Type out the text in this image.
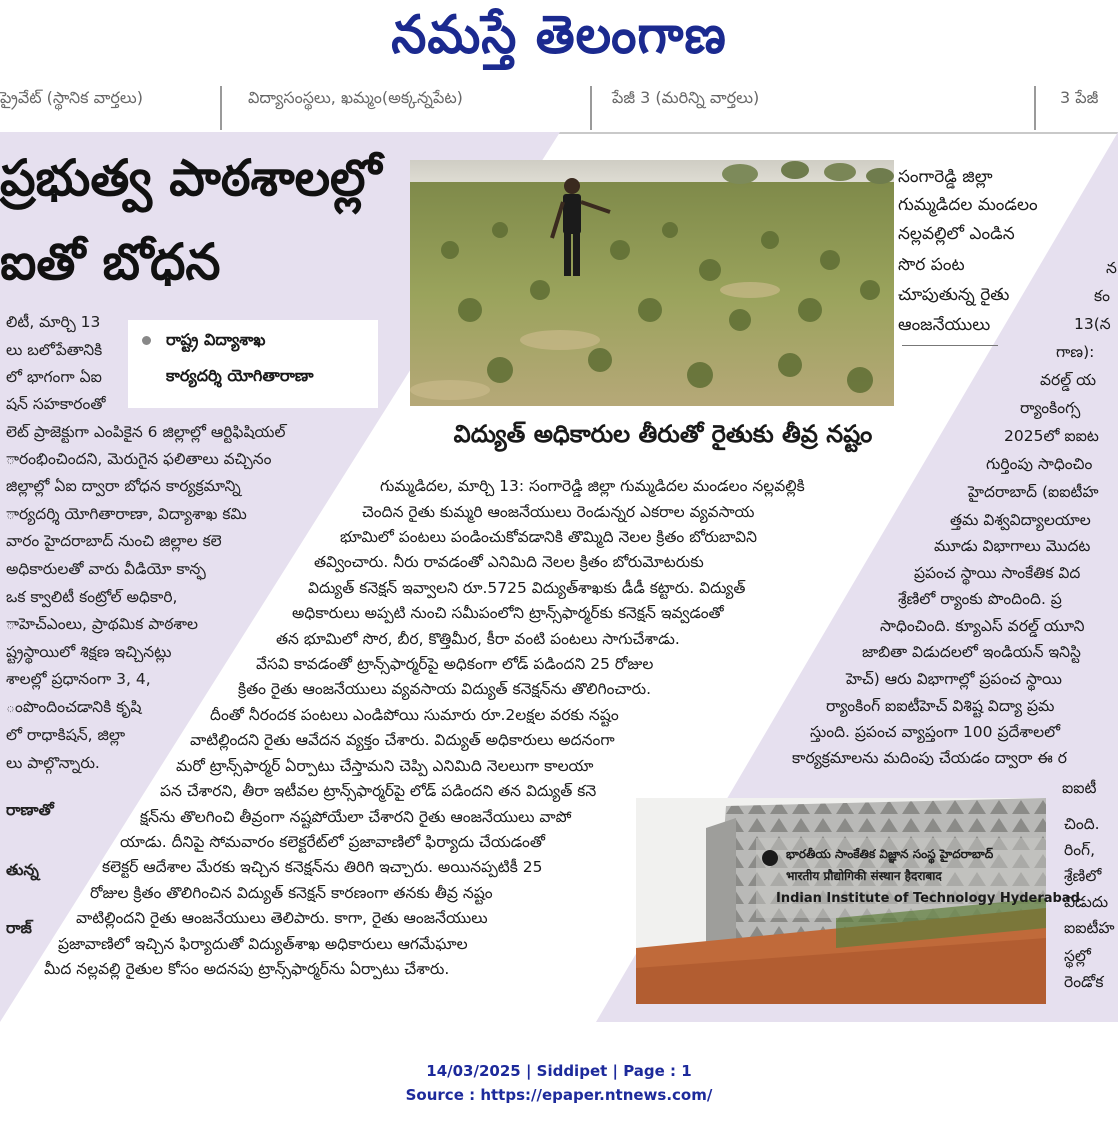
నమస్తే తెలంగాణ
ప్రైవేట్ (స్థానిక వార్తలు)	విద్యాసంస్థలు, ఖమ్మం(అక్కన్నపేట)	పేజీ 3 (మరిన్ని వార్తలు)	3 పేజీ
ప్రభుత్వ పాఠశాలల్లో
ఐతో బోధన
లిటీ, మార్చి 13
లు బలోపేతానికి
లో భాగంగా ఏఐ
షన్ సహకారంతో
లెట్ ప్రాజెక్టుగా ఎంపికైన 6 జిల్లాల్లో ఆర్టిఫిషియల్
ారంభించిందని, మెరుగైన ఫలితాలు వచ్చినం
జిల్లాల్లో ఏఐ ద్వారా బోధన కార్యక్రమాన్ని
ార్యదర్శి యోగితారాణా, విద్యాశాఖ కమి
వారం హైదరాబాద్ నుంచి జిల్లాల కలె
అధికారులతో వారు వీడియో కాన్ఫ
ఒక క్వాలిటీ కంట్రోల్ అధికారి,
ాహెచ్ఎంలు, ప్రాథమిక పాఠశాల
ష్ట్రస్థాయిలో శిక్షణ ఇచ్చినట్లు
శాలల్లో ప్రధానంగా 3, 4,
ంపొందించడానికి కృషి
లో రాధాకిషన్, జిల్లా
లు పాల్గొన్నారు.
రాణాతో
తున్న
రాజ్
రాష్ట్ర విద్యాశాఖ
కార్యదర్శి యోగితారాణా
సంగారెడ్డి జిల్లా
గుమ్మడిదల మండలం
నల్లవల్లిలో ఎండిన
సొర పంట
చూపుతున్న రైతు
ఆంజనేయులు
విద్యుత్ అధికారుల తీరుతో రైతుకు తీవ్ర నష్టం
గుమ్మడిదల, మార్చి 13: సంగారెడ్డి జిల్లా గుమ్మడిదల మండలం నల్లవల్లికి
చెందిన రైతు కుమ్మరి ఆంజనేయులు రెండున్నర ఎకరాల వ్యవసాయ
భూమిలో పంటలు పండించుకోవడానికి తొమ్మిది నెలల క్రితం బోరుబావిని
తవ్వించారు. నీరు రావడంతో ఎనిమిది నెలల క్రితం బోరుమోటరుకు
విద్యుత్ కనెక్షన్ ఇవ్వాలని రూ.5725 విద్యుత్‌శాఖకు డీడీ కట్టారు. విద్యుత్
అధికారులు అప్పటి నుంచి సమీపంలోని ట్రాన్స్‌ఫార్మర్‌కు కనెక్షన్ ఇవ్వడంతో
తన భూమిలో సొర, బీర, కొత్తిమీర, కీరా వంటి పంటలు సాగుచేశాడు.
వేసవి కావడంతో ట్రాన్స్‌ఫార్మర్‌పై అధికంగా లోడ్ పడిందని 25 రోజుల
క్రితం రైతు ఆంజనేయులు వ్యవసాయ విద్యుత్ కనెక్షన్‌ను తొలిగించారు.
దీంతో నీరందక పంటలు ఎండిపోయి సుమారు రూ.2లక్షల వరకు నష్టం
వాటిల్లిందని రైతు ఆవేదన వ్యక్తం చేశారు. విద్యుత్ అధికారులు అదనంగా
మరో ట్రాన్స్‌ఫార్మర్ ఏర్పాటు చేస్తామని చెప్పి ఎనిమిది నెలలుగా కాలయా
పన చేశారని, తీరా ఇటీవల ట్రాన్స్‌ఫార్మర్‌పై లోడ్ పడిందని తన విద్యుత్ కనె
క్షన్‌ను తొలగించి తీవ్రంగా నష్టపోయేలా చేశారని రైతు ఆంజనేయులు వాపో
యాడు. దీనిపై సోమవారం కలెక్టరేట్‌లో ప్రజావాణిలో ఫిర్యాదు చేయడంతో
కలెక్టర్ ఆదేశాల మేరకు ఇచ్చిన కనెక్షన్‌ను తిరిగి ఇచ్చారు. అయినప్పటికీ 25
రోజుల క్రితం తొలిగించిన విద్యుత్ కనెక్షన్ కారణంగా తనకు తీవ్ర నష్టం
వాటిల్లిందని రైతు ఆంజనేయులు తెలిపారు. కాగా, రైతు ఆంజనేయులు
ప్రజావాణిలో ఇచ్చిన ఫిర్యాదుతో విద్యుత్‌శాఖ అధికారులు ఆగమేఘాల
మీద నల్లవల్లి రైతుల కోసం అదనపు ట్రాన్స్‌ఫార్మర్‌ను ఏర్పాటు చేశారు.
న
కం
13(న
గాణ):
వరల్డ్ య
ర్యాంకింగ్స
2025లో ఐఐట
గుర్తింపు సాధించిం
హైదరాబాద్ (ఐఐటీహ
త్తమ విశ్వవిద్యాలయాల
మూడు విభాగాలు మొదట
ప్రపంచ స్థాయి సాంకేతిక విద
శ్రేణిలో ర్యాంకు పొందింది. ప్ర
సాధించింది. క్యూఎస్ వరల్డ్ యూని
జాబితా విడుదలలో ఇండియన్ ఇనిస్టి
హెచ్) ఆరు విభాగాల్లో ప్రపంచ స్థాయి
ర్యాంకింగ్ ఐఐటీహెచ్ విశిష్ట విద్యా ప్రమ
స్తుంది. ప్రపంచ వ్యాప్తంగా 100 ప్రదేశాలలో
కార్యక్రమాలను మదింపు చేయడం ద్వారా ఈ ర
ఐఐటీ
చింది.
రింగ్,
శ్రేణిలో
విడుదు
ఐఐటీహ
స్థల్లో
రెండోక
భారతీయ సాంకేతిక విజ్ఞాన సంస్థ హైదరాబాద్
भारतीय प्रौद्योगिकी संस्थान हैदराबाद
Indian Institute of Technology Hyderabad
14/03/2025 | Siddipet | Page : 1
Source : https://epaper.ntnews.com/
